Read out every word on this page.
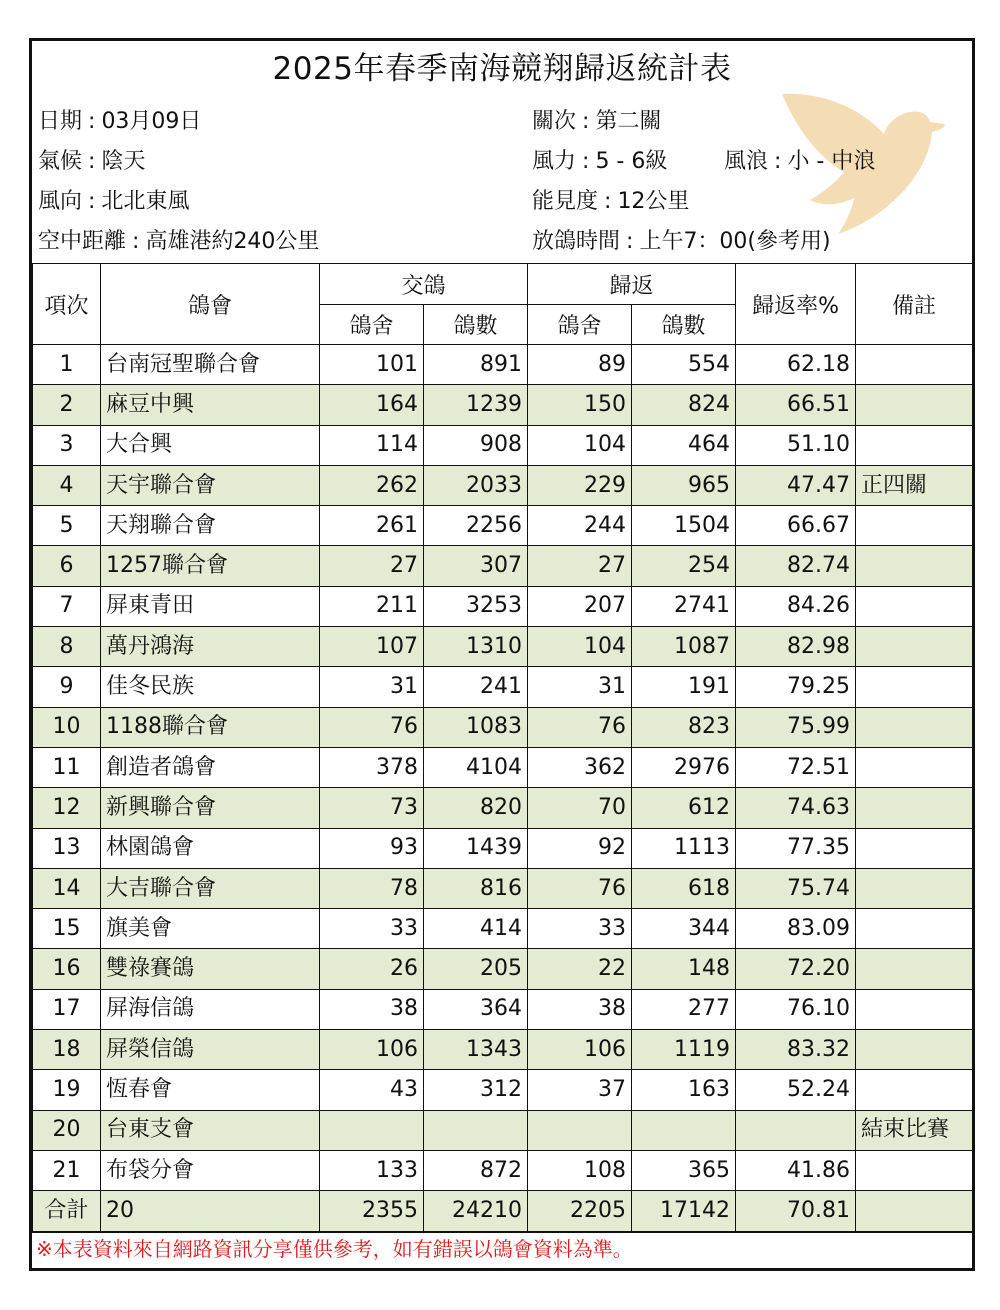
2025年春季南海競翔歸返統計表
日期 : 03月09日
氣候 : 陰天
風向 : 北北東風
空中距離 : 高雄港約240公里
關次 : 第二關
風力 : 5 - 6級	風浪 : 小 - 中浪
能見度 : 12公里
放鴿時間 : 上午7：00(參考用)
項次	鴿會	交鴿		歸返		歸返率%	備註
		鴿舍	鴿數	鴿舍	鴿數		
1	台南冠聖聯合會	101	891	89	554	62.18	
2	麻豆中興	164	1239	150	824	66.51	
3	大合興	114	908	104	464	51.10	
4	天宇聯合會	262	2033	229	965	47.47	正四關
5	天翔聯合會	261	2256	244	1504	66.67	
6	1257聯合會	27	307	27	254	82.74	
7	屏東青田	211	3253	207	2741	84.26	
8	萬丹鴻海	107	1310	104	1087	82.98	
9	佳冬民族	31	241	31	191	79.25	
10	1188聯合會	76	1083	76	823	75.99	
11	創造者鴿會	378	4104	362	2976	72.51	
12	新興聯合會	73	820	70	612	74.63	
13	林園鴿會	93	1439	92	1113	77.35	
14	大吉聯合會	78	816	76	618	75.74	
15	旗美會	33	414	33	344	83.09	
16	雙祿賽鴿	26	205	22	148	72.20	
17	屏海信鴿	38	364	38	277	76.10	
18	屏榮信鴿	106	1343	106	1119	83.32	
19	恆春會	43	312	37	163	52.24	
20	台東支會						結束比賽
21	布袋分會	133	872	108	365	41.86	
合計	20	2355	24210	2205	17142	70.81	
※本表資料來自網路資訊分享僅供參考，如有錯誤以鴿會資料為準。
